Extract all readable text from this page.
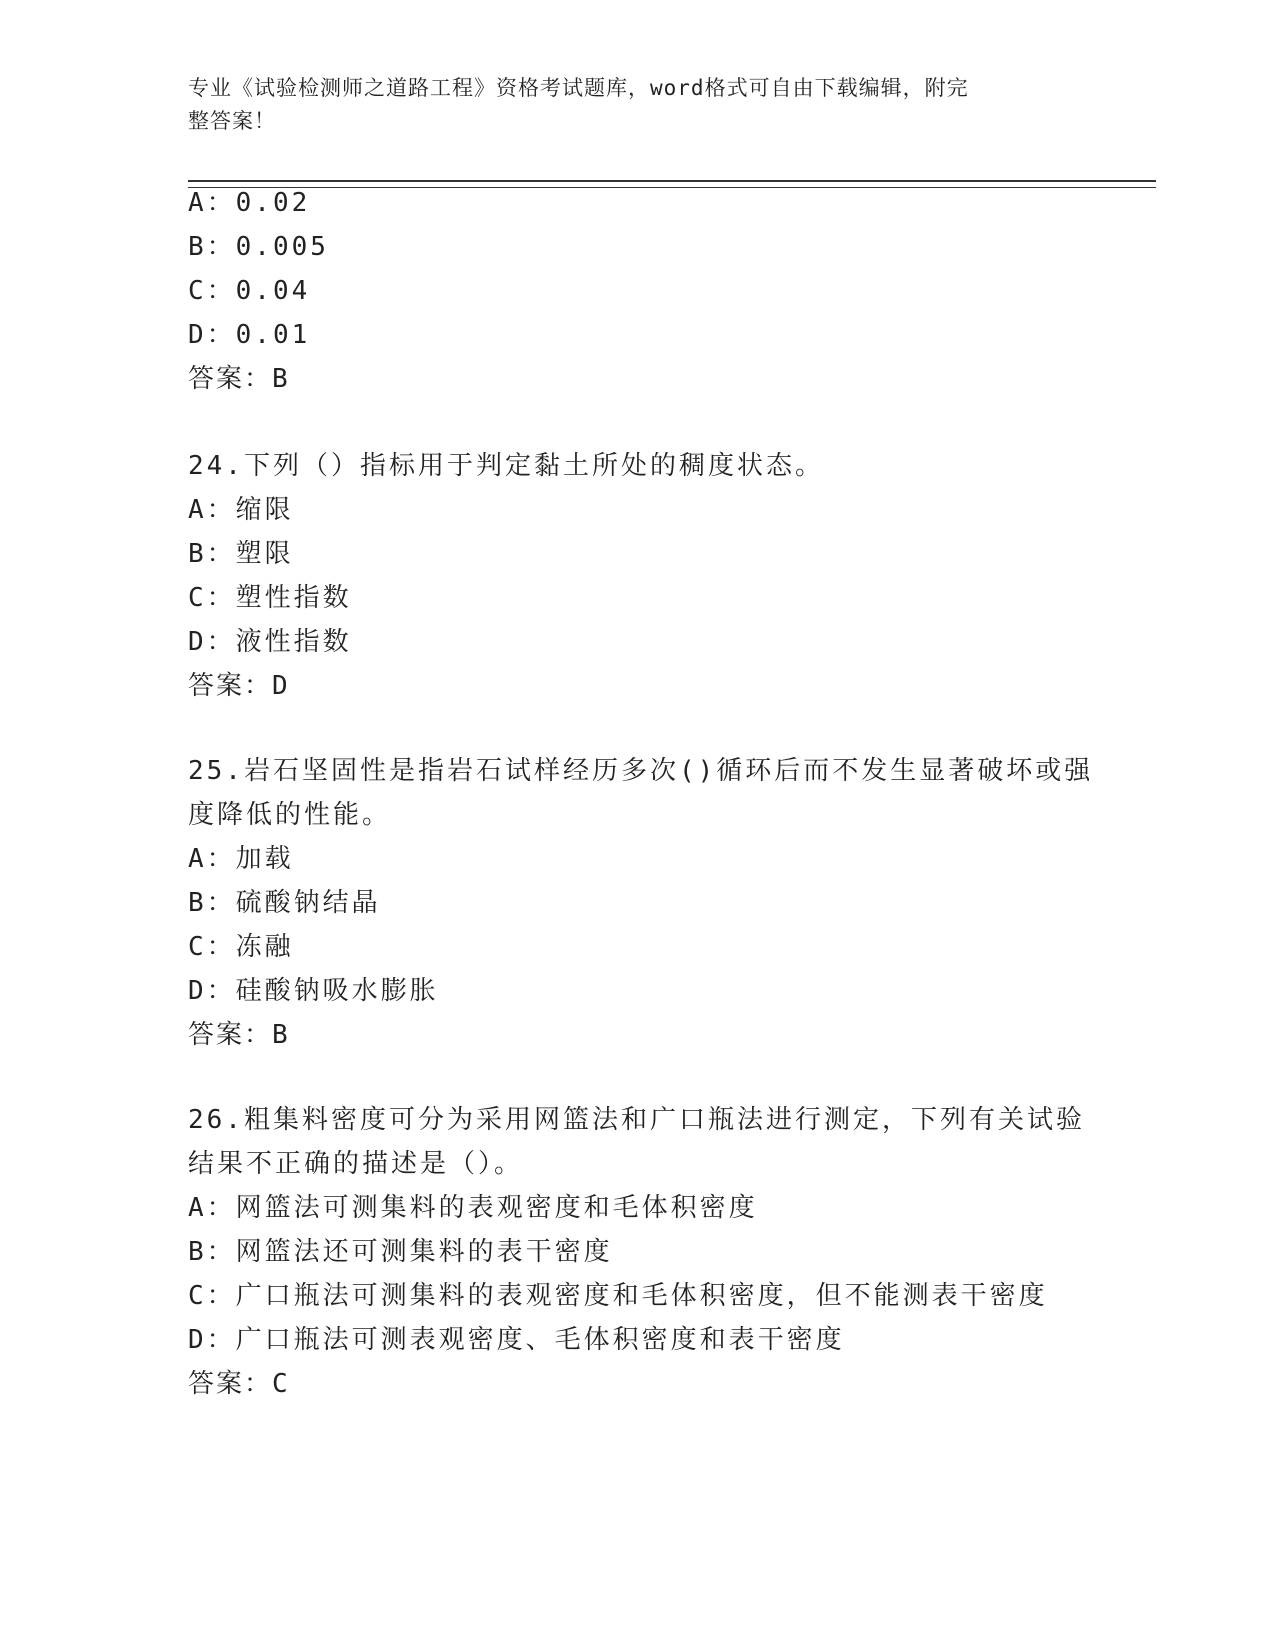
专业《试验检测师之道路工程》资格考试题库，word格式可自由下载编辑，附完
整答案！
A：0.02
B：0.005
C：0.04
D：0.01
答案：B
24.下列（）指标用于判定黏土所处的稠度状态。
A：缩限
B：塑限
C：塑性指数
D：液性指数
答案：D
25.岩石坚固性是指岩石试样经历多次()循环后而不发生显著破坏或强
度降低的性能。
A：加载
B：硫酸钠结晶
C：冻融
D：硅酸钠吸水膨胀
答案：B
26.粗集料密度可分为采用网篮法和广口瓶法进行测定，下列有关试验
结果不正确的描述是（）。
A：网篮法可测集料的表观密度和毛体积密度
B：网篮法还可测集料的表干密度
C：广口瓶法可测集料的表观密度和毛体积密度，但不能测表干密度
D：广口瓶法可测表观密度、毛体积密度和表干密度
答案：C
